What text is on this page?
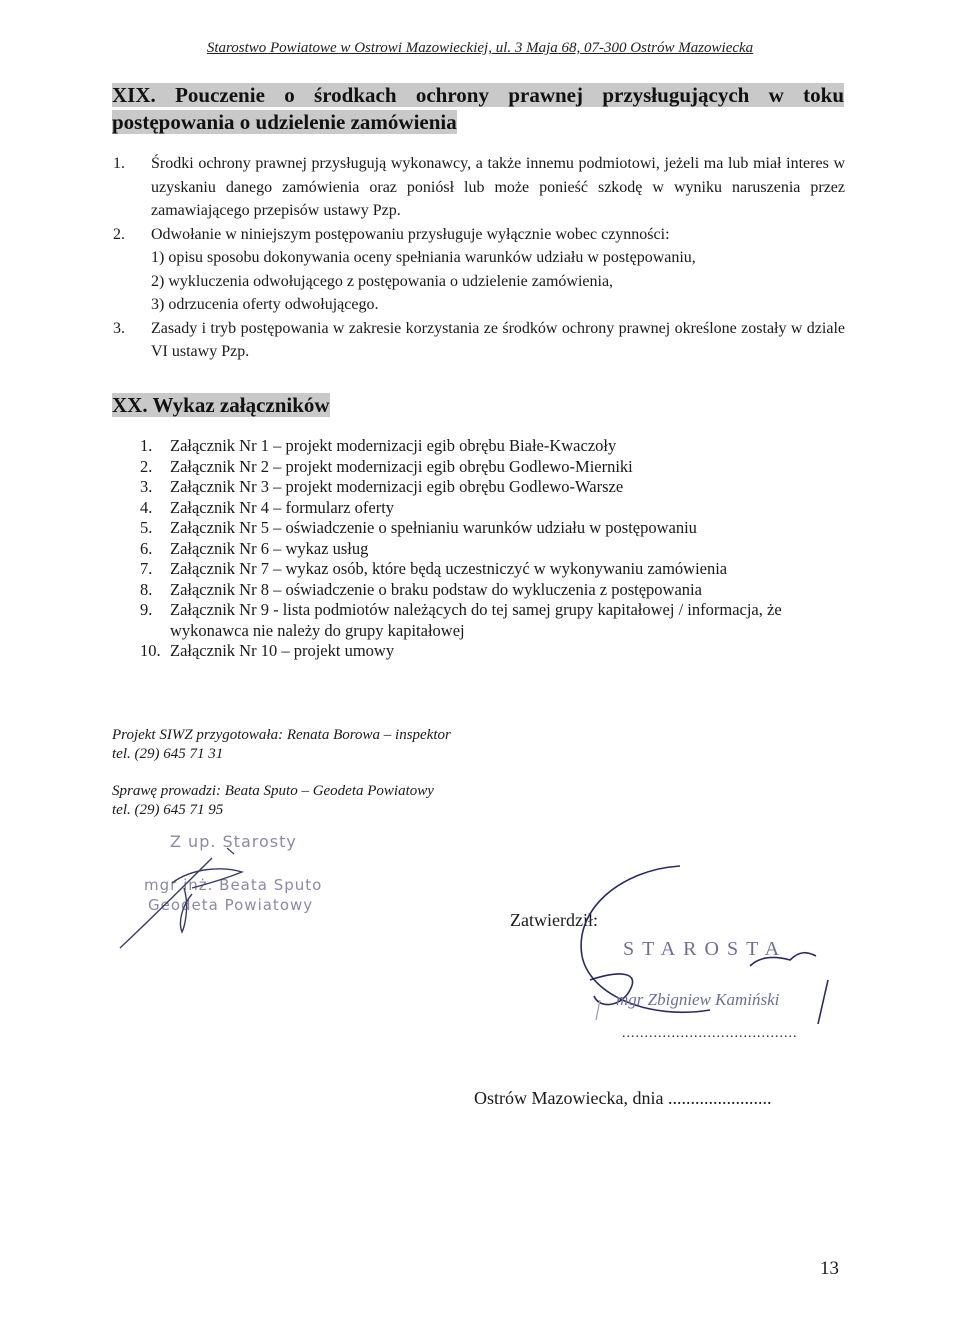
Starostwo Powiatowe w Ostrowi Mazowieckiej, ul. 3 Maja 68, 07-300 Ostrów Mazowiecka
XIX. Pouczenie o środkach ochrony prawnej przysługujących w toku postępowania o udzielenie zamówienia
1. Środki ochrony prawnej przysługują wykonawcy, a także innemu podmiotowi, jeżeli ma lub miał interes w uzyskaniu danego zamówienia oraz poniósł lub może ponieść szkodę w wyniku naruszenia przez zamawiającego przepisów ustawy Pzp.
2. Odwołanie w niniejszym postępowaniu przysługuje wyłącznie wobec czynności:
1) opisu sposobu dokonywania oceny spełniania warunków udziału w postępowaniu,
2) wykluczenia odwołującego z postępowania o udzielenie zamówienia,
3) odrzucenia oferty odwołującego.
3. Zasady i tryb postępowania w zakresie korzystania ze środków ochrony prawnej określone zostały w dziale VI ustawy Pzp.
XX. Wykaz załączników
1. Załącznik Nr 1 – projekt modernizacji egib obrębu Białe-Kwaczoły
2. Załącznik Nr 2 – projekt modernizacji egib obrębu Godlewo-Mierniki
3. Załącznik Nr 3 – projekt modernizacji egib obrębu Godlewo-Warsze
4. Załącznik Nr 4 – formularz oferty
5. Załącznik Nr 5 – oświadczenie o spełnianiu warunków udziału w postępowaniu
6. Załącznik Nr 6 – wykaz usług
7. Załącznik Nr 7 – wykaz osób, które będą uczestniczyć w wykonywaniu zamówienia
8. Załącznik Nr 8 – oświadczenie o braku podstaw do wykluczenia z postępowania
9. Załącznik Nr 9 - lista podmiotów należących do tej samej grupy kapitałowej / informacja, że wykonawca nie należy do grupy kapitałowej
10. Załącznik Nr 10 – projekt umowy
Projekt SIWZ przygotowała: Renata Borowa – inspektor
tel. (29) 645 71 31
Sprawę prowadzi: Beata Sputo – Geodeta Powiatowy
tel. (29) 645 71 95
Z up. Starosty
mgr inż. Beata Sputo
Geodeta Powiatowy
Zatwierdził:
STAROSTA
mgr Zbigniew Kamiński
.......................................
Ostrów Mazowiecka, dnia .......................
13
